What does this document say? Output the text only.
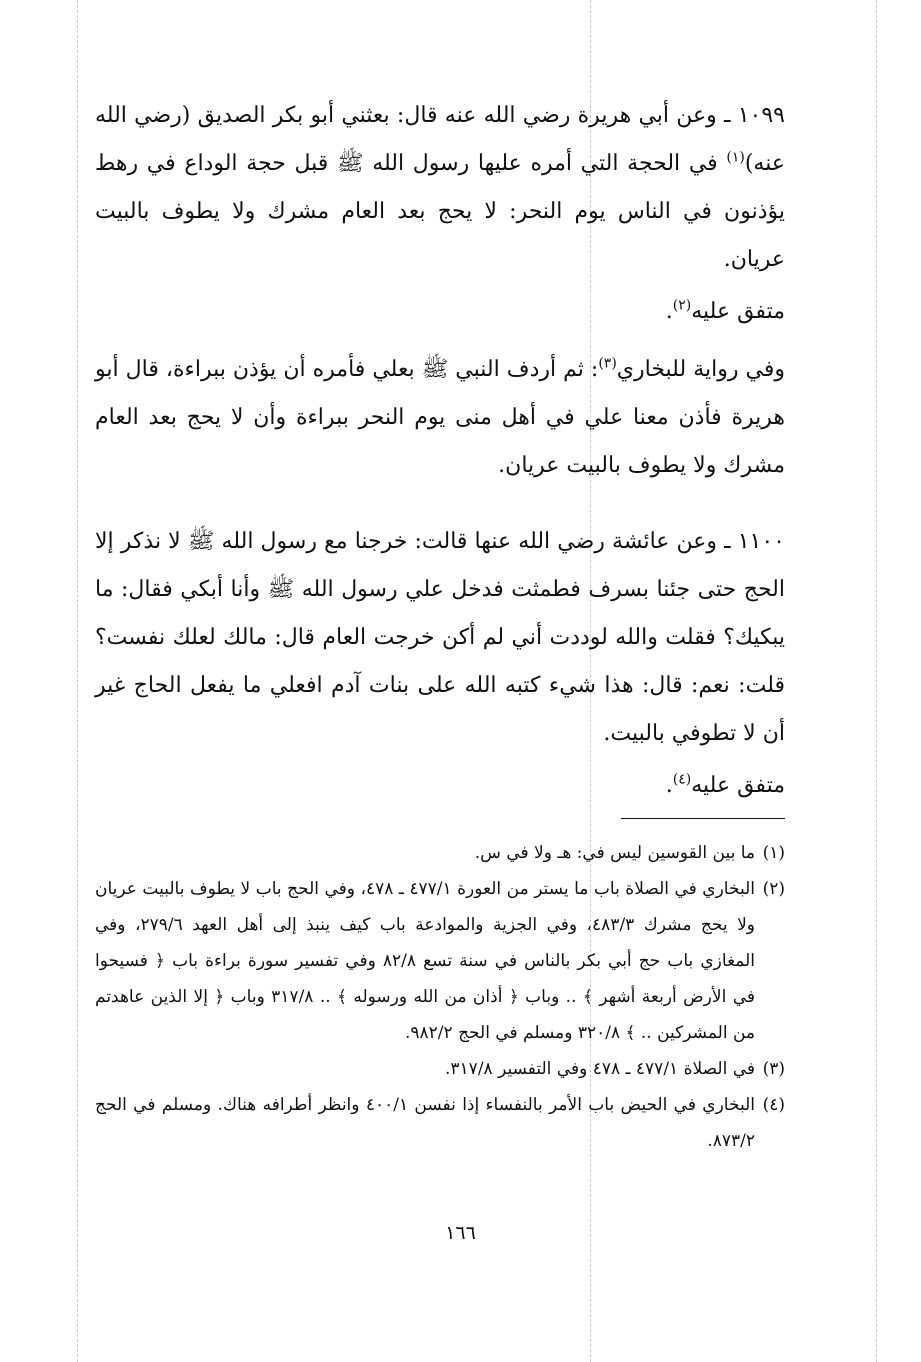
١٠٩٩ ـ وعن أبي هريرة رضي الله عنه قال: بعثني أبو بكر الصديق (رضي الله عنه)$^{(١)}$ في الحجة التي أمره عليها رسول الله ﷺ قبل حجة الوداع في رهط يؤذنون في الناس يوم النحر: لا يحج بعد العام مشرك ولا يطوف بالبيت عريان.

متفق عليه$^{(٢)}$.

وفي رواية للبخاري$^{(٣)}$: ثم أردف النبي ﷺ بعلي فأمره أن يؤذن ببراءة، قال أبو هريرة فأذن معنا علي في أهل منى يوم النحر ببراءة وأن لا يحج بعد العام مشرك ولا يطوف بالبيت عريان.

١١٠٠ ـ وعن عائشة رضي الله عنها قالت: خرجنا مع رسول الله ﷺ لا نذكر إلا الحج حتى جئنا بسرف فطمثت فدخل علي رسول الله ﷺ وأنا أبكي فقال: ما يبكيك؟ فقلت والله لوددت أني لم أكن خرجت العام قال: مالك لعلك نفست؟ قلت: نعم: قال: هذا شيء كتبه الله على بنات آدم افعلي ما يفعل الحاج غير أن لا تطوفي بالبيت.

متفق عليه$^{(٤)}$.

(١)
ما بين القوسين ليس في: هـ ولا في س.
(٢)
البخاري في الصلاة باب ما يستر من العورة ٤٧٧/١ ـ ٤٧٨، وفي الحج باب لا يطوف بالبيت عريان ولا يحج مشرك ٤٨٣/٣، وفي الجزية والموادعة باب كيف ينبذ إلى أهل العهد ٢٧٩/٦، وفي المغازي باب حج أبي بكر بالناس في سنة تسع ٨٢/٨ وفي تفسير سورة براءة باب ﴿ فسيحوا في الأرض أربعة أشهر ﴾ .. وباب ﴿ أذان من الله ورسوله ﴾ .. ٣١٧/٨ وباب ﴿ إلا الذين عاهدتم من المشركين .. ﴾ ٣٢٠/٨ ومسلم في الحج ٩٨٢/٢.
(٣)
في الصلاة ٤٧٧/١ ـ ٤٧٨ وفي التفسير ٣١٧/٨.
(٤)
البخاري في الحيض باب الأمر بالنفساء إذا نفسن ٤٠٠/١ وانظر أطرافه هناك. ومسلم في الحج ٨٧٣/٢.
١٦٦
